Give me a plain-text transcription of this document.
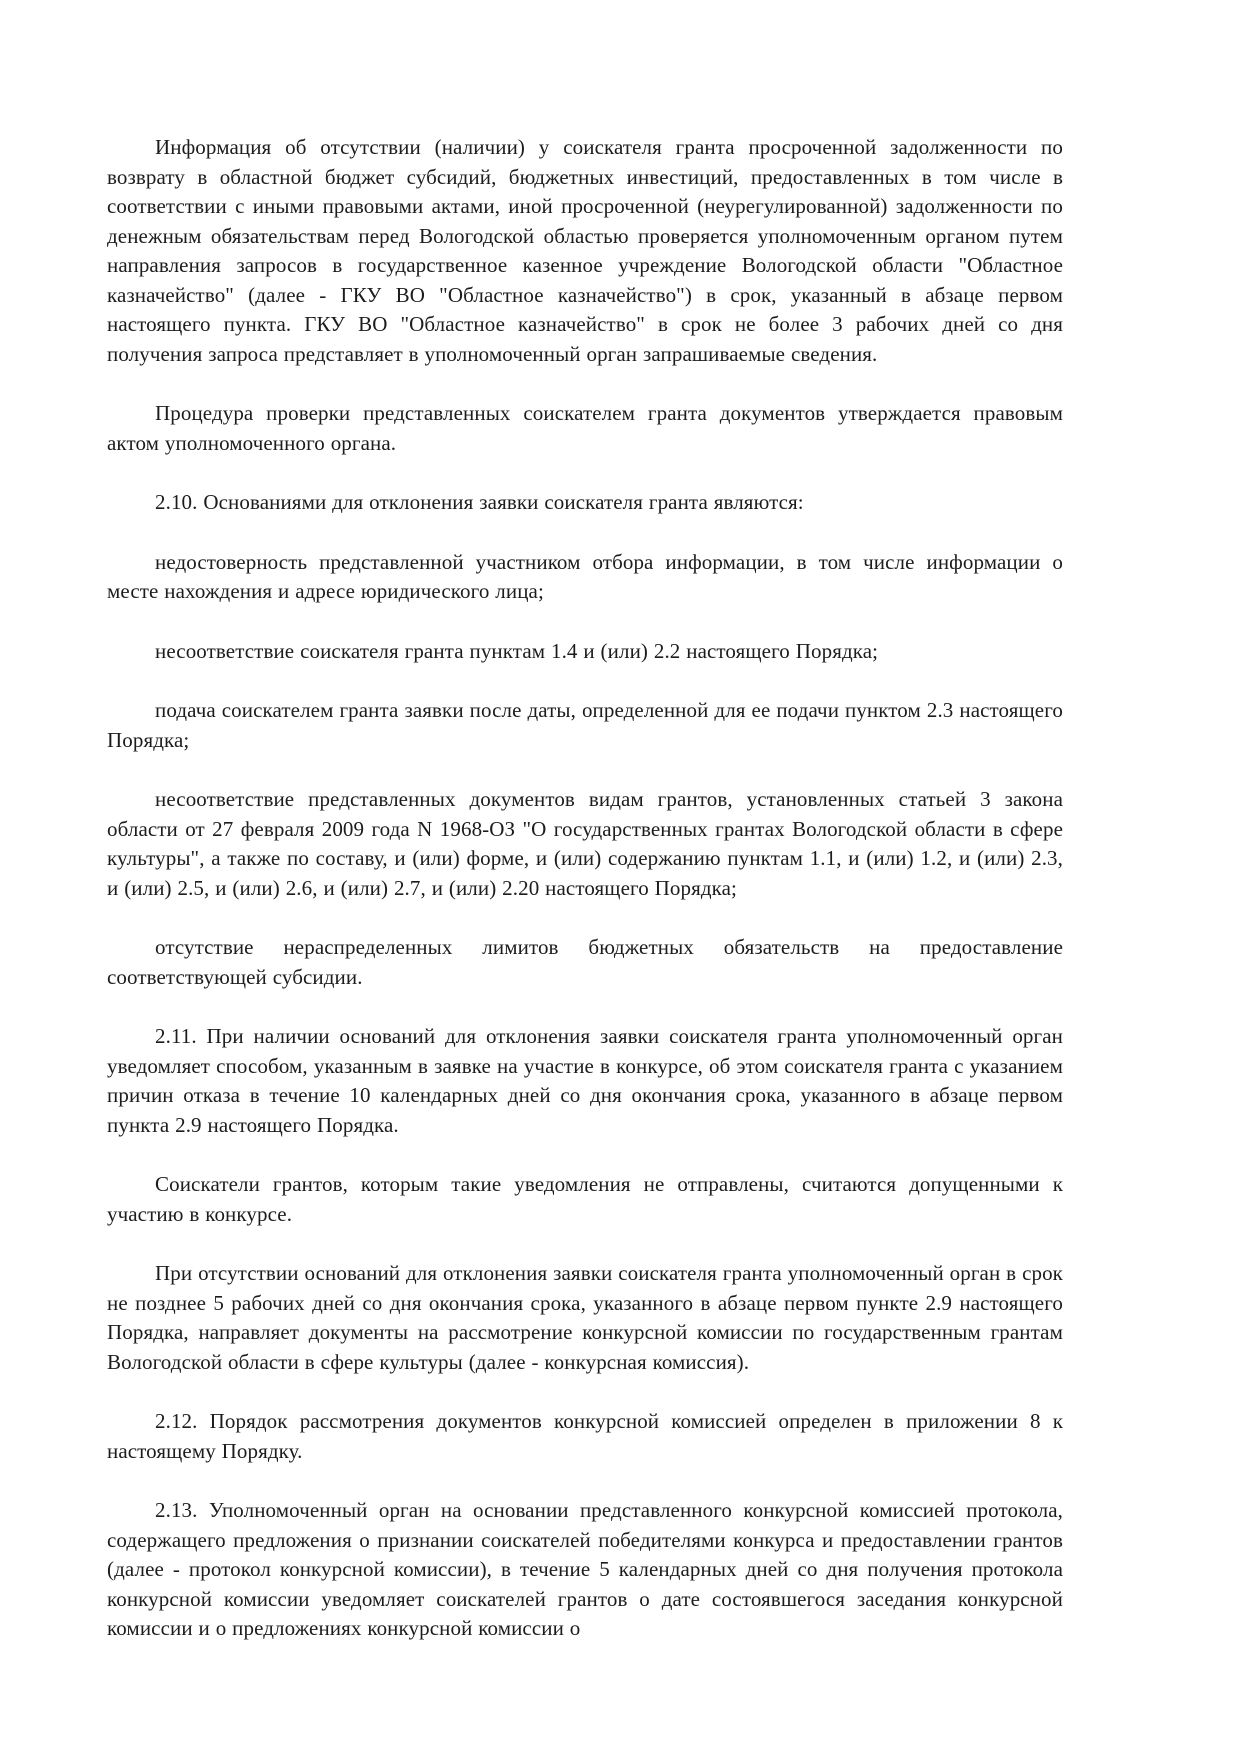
Информация об отсутствии (наличии) у соискателя гранта просроченной задолженности по возврату в областной бюджет субсидий, бюджетных инвестиций, предоставленных в том числе в соответствии с иными правовыми актами, иной просроченной (неурегулированной) задолженности по денежным обязательствам перед Вологодской областью проверяется уполномоченным органом путем направления запросов в государственное казенное учреждение Вологодской области "Областное казначейство" (далее - ГКУ ВО "Областное казначейство") в срок, указанный в абзаце первом настоящего пункта. ГКУ ВО "Областное казначейство" в срок не более 3 рабочих дней со дня получения запроса представляет в уполномоченный орган запрашиваемые сведения.

Процедура проверки представленных соискателем гранта документов утверждается правовым актом уполномоченного органа.

2.10. Основаниями для отклонения заявки соискателя гранта являются:

недостоверность представленной участником отбора информации, в том числе информации о месте нахождения и адресе юридического лица;

несоответствие соискателя гранта пунктам 1.4 и (или) 2.2 настоящего Порядка;

подача соискателем гранта заявки после даты, определенной для ее подачи пунктом 2.3 настоящего Порядка;

несоответствие представленных документов видам грантов, установленных статьей 3 закона области от 27 февраля 2009 года N 1968-ОЗ "О государственных грантах Вологодской области в сфере культуры", а также по составу, и (или) форме, и (или) содержанию пунктам 1.1, и (или) 1.2, и (или) 2.3, и (или) 2.5, и (или) 2.6, и (или) 2.7, и (или) 2.20 настоящего Порядка;

отсутствие нераспределенных лимитов бюджетных обязательств на предоставление соответствующей субсидии.

2.11. При наличии оснований для отклонения заявки соискателя гранта уполномоченный орган уведомляет способом, указанным в заявке на участие в конкурсе, об этом соискателя гранта с указанием причин отказа в течение 10 календарных дней со дня окончания срока, указанного в абзаце первом пункта 2.9 настоящего Порядка.

Соискатели грантов, которым такие уведомления не отправлены, считаются допущенными к участию в конкурсе.

При отсутствии оснований для отклонения заявки соискателя гранта уполномоченный орган в срок не позднее 5 рабочих дней со дня окончания срока, указанного в абзаце первом пункте 2.9 настоящего Порядка, направляет документы на рассмотрение конкурсной комиссии по государственным грантам Вологодской области в сфере культуры (далее - конкурсная комиссия).

2.12. Порядок рассмотрения документов конкурсной комиссией определен в приложении 8 к настоящему Порядку.

2.13. Уполномоченный орган на основании представленного конкурсной комиссией протокола, содержащего предложения о признании соискателей победителями конкурса и предоставлении грантов (далее - протокол конкурсной комиссии), в течение 5 календарных дней со дня получения протокола конкурсной комиссии уведомляет соискателей грантов о дате состоявшегося заседания конкурсной комиссии и о предложениях конкурсной комиссии о
